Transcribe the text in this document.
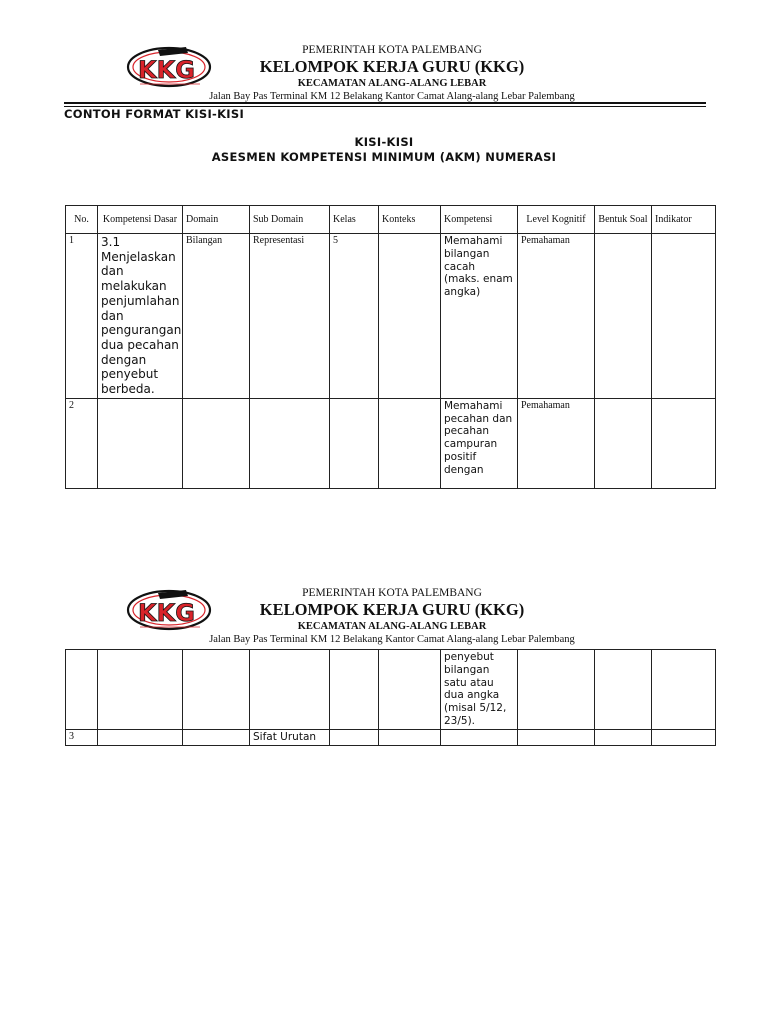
KKG
PEMERINTAH KOTA PALEMBANG
KELOMPOK KERJA GURU (KKG)
KECAMATAN ALANG-ALANG LEBAR
Jalan Bay Pas Terminal KM 12 Belakang Kantor Camat Alang-alang Lebar Palembang
CONTOH FORMAT KISI-KISI
KISI-KISI
ASESMEN KOMPETENSI MINIMUM (AKM) NUMERASI
No.	Kompetensi Dasar	Domain	Sub Domain	Kelas	Konteks	Kompetensi	Level Kognitif	Bentuk Soal	Indikator
1	3.1 Menjelaskan dan melakukan penjumlahan dan pengurangan dua pecahan dengan penyebut berbeda.	Bilangan	Representasi	5		Memahami bilangan cacah (maks. enam angka)	Pemahaman		
2						Memahami pecahan dan pecahan campuran positif dengan	Pemahaman		
KKG
PEMERINTAH KOTA PALEMBANG
KELOMPOK KERJA GURU (KKG)
KECAMATAN ALANG-ALANG LEBAR
Jalan Bay Pas Terminal KM 12 Belakang Kantor Camat Alang-alang Lebar Palembang
						penyebut bilangan satu atau dua angka (misal 5/12, 23/5).			
3			Sifat Urutan						
